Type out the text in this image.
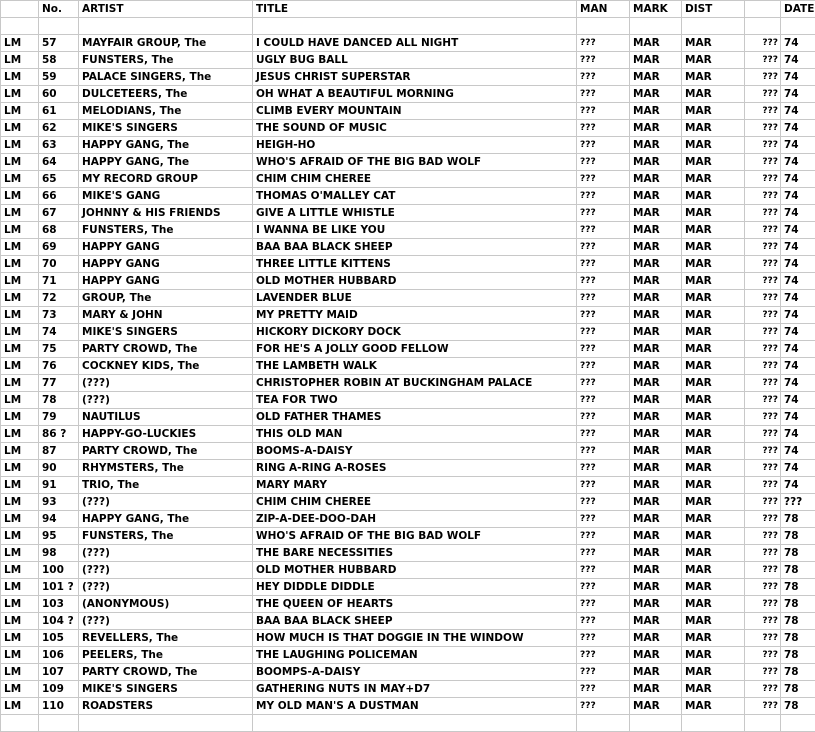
	No.	ARTIST	TITLE	MAN	MARK	DIST		DATE

LM	57	MAYFAIR GROUP, The	I COULD HAVE DANCED ALL NIGHT	???	MAR	MAR	???	74
LM	58	FUNSTERS, The	UGLY BUG BALL	???	MAR	MAR	???	74
LM	59	PALACE SINGERS, The	JESUS CHRIST SUPERSTAR	???	MAR	MAR	???	74
LM	60	DULCETEERS, The	OH WHAT A BEAUTIFUL MORNING	???	MAR	MAR	???	74
LM	61	MELODIANS, The	CLIMB EVERY MOUNTAIN	???	MAR	MAR	???	74
LM	62	MIKE'S SINGERS	THE SOUND OF MUSIC	???	MAR	MAR	???	74
LM	63	HAPPY GANG, The	HEIGH-HO	???	MAR	MAR	???	74
LM	64	HAPPY GANG, The	WHO'S AFRAID OF THE BIG BAD WOLF	???	MAR	MAR	???	74
LM	65	MY RECORD GROUP	CHIM CHIM CHEREE	???	MAR	MAR	???	74
LM	66	MIKE'S GANG	THOMAS O'MALLEY CAT	???	MAR	MAR	???	74
LM	67	JOHNNY & HIS FRIENDS	GIVE A LITTLE WHISTLE	???	MAR	MAR	???	74
LM	68	FUNSTERS, The	I WANNA BE LIKE YOU	???	MAR	MAR	???	74
LM	69	HAPPY GANG	BAA BAA BLACK SHEEP	???	MAR	MAR	???	74
LM	70	HAPPY GANG	THREE LITTLE KITTENS	???	MAR	MAR	???	74
LM	71	HAPPY GANG	OLD MOTHER HUBBARD	???	MAR	MAR	???	74
LM	72	GROUP, The	LAVENDER BLUE	???	MAR	MAR	???	74
LM	73	MARY & JOHN	MY PRETTY MAID	???	MAR	MAR	???	74
LM	74	MIKE'S SINGERS	HICKORY DICKORY DOCK	???	MAR	MAR	???	74
LM	75	PARTY CROWD, The	FOR HE'S A JOLLY GOOD FELLOW	???	MAR	MAR	???	74
LM	76	COCKNEY KIDS, The	THE LAMBETH WALK	???	MAR	MAR	???	74
LM	77	(???)	CHRISTOPHER ROBIN AT BUCKINGHAM PALACE	???	MAR	MAR	???	74
LM	78	(???)	TEA FOR TWO	???	MAR	MAR	???	74
LM	79	NAUTILUS	OLD FATHER THAMES	???	MAR	MAR	???	74
LM	86 ?	HAPPY-GO-LUCKIES	THIS OLD MAN	???	MAR	MAR	???	74
LM	87	PARTY CROWD, The	BOOMS-A-DAISY	???	MAR	MAR	???	74
LM	90	RHYMSTERS, The	RING A-RING A-ROSES	???	MAR	MAR	???	74
LM	91	TRIO, The	MARY MARY	???	MAR	MAR	???	74
LM	93	(???)	CHIM CHIM CHEREE	???	MAR	MAR	???	???
LM	94	HAPPY GANG, The	ZIP-A-DEE-DOO-DAH	???	MAR	MAR	???	78
LM	95	FUNSTERS, The	WHO'S AFRAID OF THE BIG BAD WOLF	???	MAR	MAR	???	78
LM	98	(???)	THE BARE NECESSITIES	???	MAR	MAR	???	78
LM	100	(???)	OLD MOTHER HUBBARD	???	MAR	MAR	???	78
LM	101 ?	(???)	HEY DIDDLE DIDDLE	???	MAR	MAR	???	78
LM	103	(ANONYMOUS)	THE QUEEN OF HEARTS	???	MAR	MAR	???	78
LM	104 ?	(???)	BAA BAA BLACK SHEEP	???	MAR	MAR	???	78
LM	105	REVELLERS, The	HOW MUCH IS THAT DOGGIE IN THE WINDOW	???	MAR	MAR	???	78
LM	106	PEELERS, The	THE LAUGHING POLICEMAN	???	MAR	MAR	???	78
LM	107	PARTY CROWD, The	BOOMPS-A-DAISY	???	MAR	MAR	???	78
LM	109	MIKE'S SINGERS	GATHERING NUTS IN MAY+D7	???	MAR	MAR	???	78
LM	110	ROADSTERS	MY OLD MAN'S A DUSTMAN	???	MAR	MAR	???	78
